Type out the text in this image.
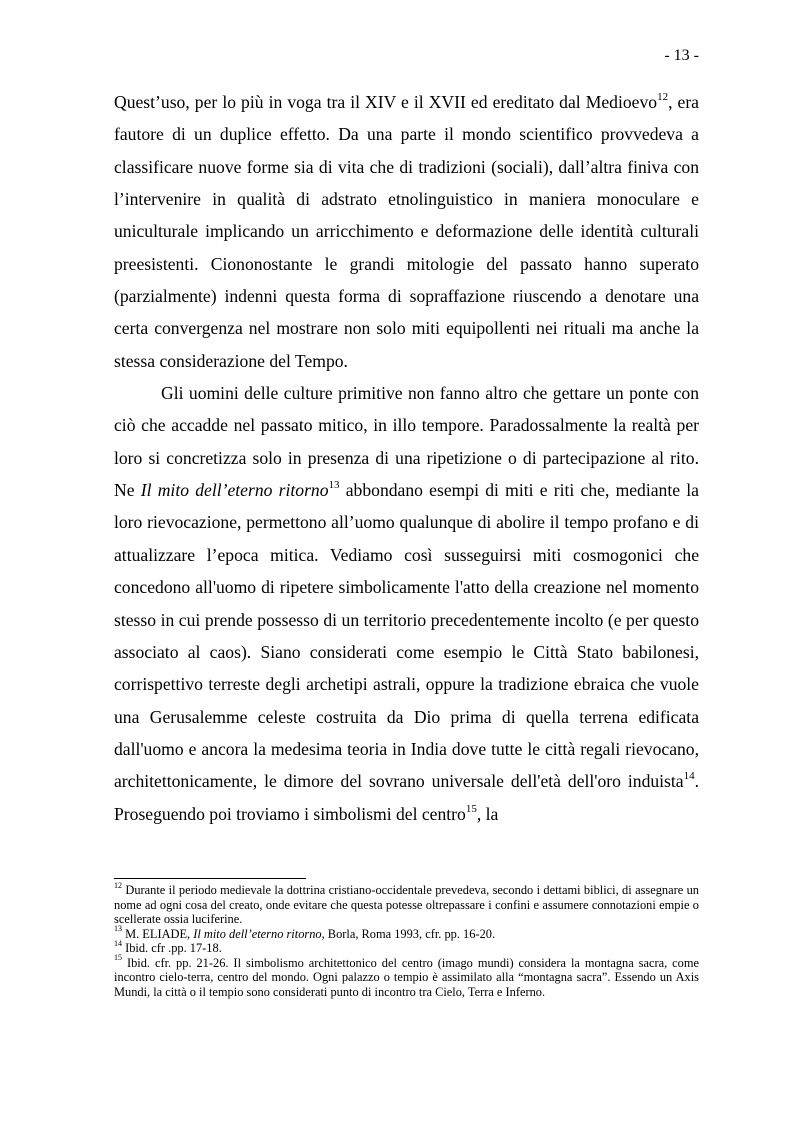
- 13 -

Quest’uso, per lo più in voga tra il XIV e il XVII ed ereditato dal Medioevo$^{12}$, era fautore di un duplice effetto. Da una parte il mondo scientifico provvedeva a classificare nuove forme sia di vita che di tradizioni (sociali), dall’altra finiva con l’intervenire in qualità di adstrato etnolinguistico in maniera monoculare e uniculturale implicando un arricchimento e deformazione delle identità culturali preesistenti. Ciononostante le grandi mitologie del passato hanno superato (parzialmente) indenni questa forma di sopraffazione riuscendo a denotare una certa convergenza nel mostrare non solo miti equipollenti nei rituali ma anche la stessa considerazione del Tempo.

Gli uomini delle culture primitive non fanno altro che gettare un ponte con ciò che accadde nel passato mitico, in illo tempore. Paradossalmente la realtà per loro si concretizza solo in presenza di una ripetizione o di partecipazione al rito. Ne Il mito dell’eterno ritorno$^{13}$ abbondano esempi di miti e riti che, mediante la loro rievocazione, permettono all’uomo qualunque di abolire il tempo profano e di attualizzare l’epoca mitica. Vediamo così susseguirsi miti cosmogonici che concedono all'uomo di ripetere simbolicamente l'atto della creazione nel momento stesso in cui prende possesso di un territorio precedentemente incolto (e per questo associato al caos). Siano considerati come esempio le Città Stato babilonesi, corrispettivo terreste degli archetipi astrali, oppure la tradizione ebraica che vuole una Gerusalemme celeste costruita da Dio prima di quella terrena edificata dall'uomo e ancora la medesima teoria in India dove tutte le città regali rievocano, architettonicamente, le dimore del sovrano universale dell'età dell'oro induista$^{14}$. Proseguendo poi troviamo i simbolismi del centro$^{15}$, la

$^{12}$ Durante il periodo medievale la dottrina cristiano-occidentale prevedeva, secondo i dettami biblici, di assegnare un nome ad ogni cosa del creato, onde evitare che questa potesse oltrepassare i confini e assumere connotazioni empie o scellerate ossia luciferine.

$^{13}$ M. ELIADE, Il mito dell’eterno ritorno, Borla, Roma 1993, cfr. pp. 16-20.

$^{14}$ Ibid. cfr .pp. 17-18.

$^{15}$ Ibid. cfr. pp. 21-26. Il simbolismo architettonico del centro (imago mundi) considera la montagna sacra, come incontro cielo-terra, centro del mondo. Ogni palazzo o tempio è assimilato alla “montagna sacra”. Essendo un Axis Mundi, la città o il tempio sono considerati punto di incontro tra Cielo, Terra e Inferno.
